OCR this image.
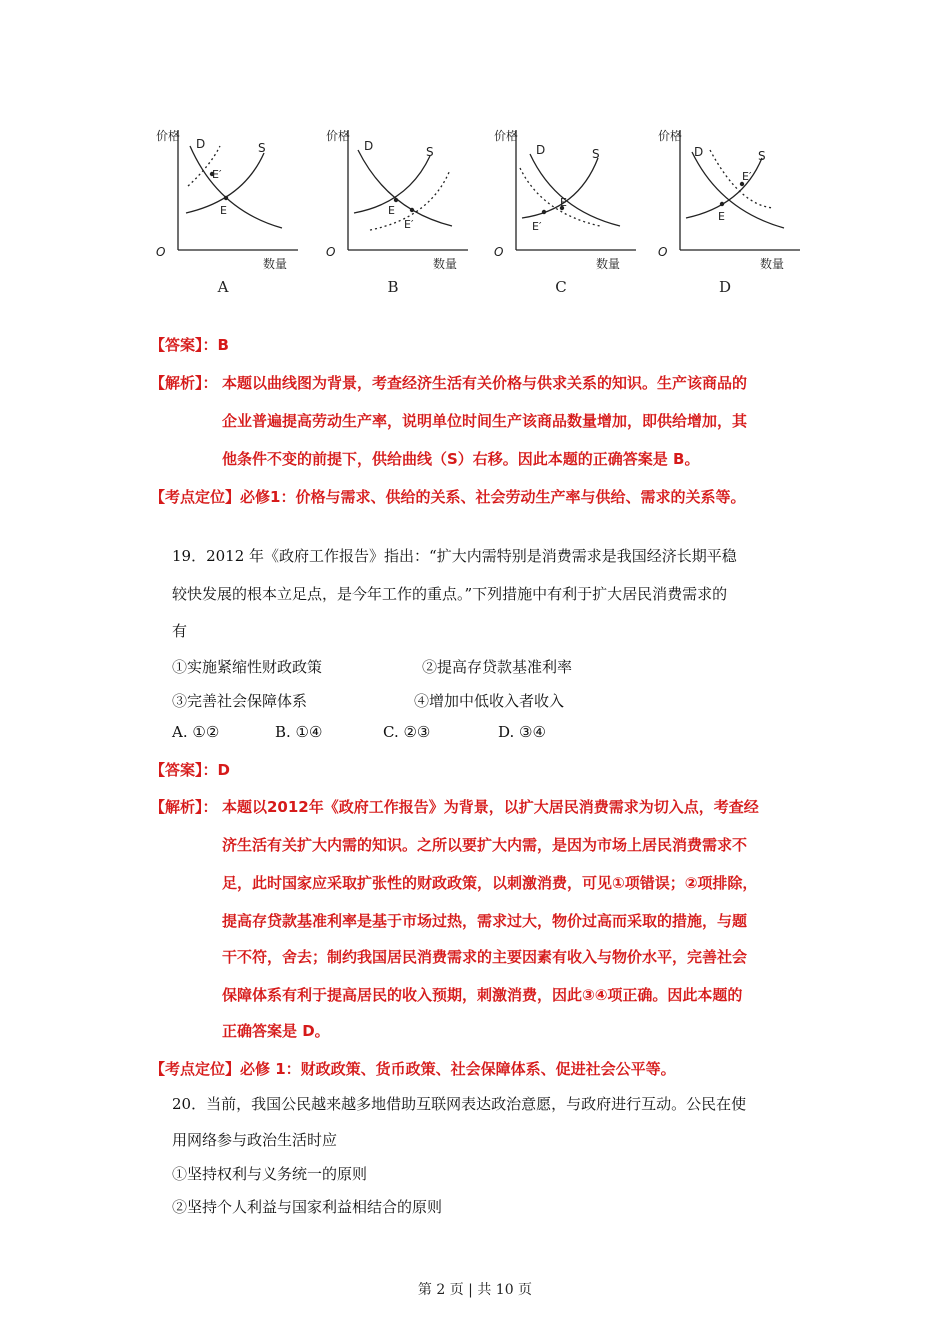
价格
D	S
E′
E
O
数量
A
价格
D	S
E
E′
O
数量
B
价格
D	S
E
E′
O
数量
C
价格
D	S
E′
E
O
数量
D
【答案】：B
【解析】： 本题以曲线图为背景，考查经济生活有关价格与供求关系的知识。生产该商品的
企业普遍提高劳动生产率，说明单位时间生产该商品数量增加，即供给增加，其
他条件不变的前提下，供给曲线（S）右移。因此本题的正确答案是 B。
【考点定位】必修1：价格与需求、供给的关系、社会劳动生产率与供给、需求的关系等。
19．2012 年《政府工作报告》指出：“扩大内需特别是消费需求是我国经济长期平稳
较快发展的根本立足点，是今年工作的重点。”下列措施中有利于扩大居民消费需求的
有
①实施紧缩性财政政策	②提高存贷款基准利率
③完善社会保障体系	④增加中低收入者收入
A. ①②	B. ①④	C. ②③	D. ③④
【答案】：D
【解析】： 本题以2012年《政府工作报告》为背景，以扩大居民消费需求为切入点，考查经
济生活有关扩大内需的知识。之所以要扩大内需，是因为市场上居民消费需求不
足，此时国家应采取扩张性的财政政策，以刺激消费，可见①项错误；②项排除，
提高存贷款基准利率是基于市场过热，需求过大，物价过高而采取的措施，与题
干不符，舍去；制约我国居民消费需求的主要因素有收入与物价水平，完善社会
保障体系有利于提高居民的收入预期，刺激消费，因此③④项正确。因此本题的
正确答案是 D。
【考点定位】必修 1：财政政策、货币政策、社会保障体系、促进社会公平等。
20．当前，我国公民越来越多地借助互联网表达政治意愿，与政府进行互动。公民在使
用网络参与政治生活时应
①坚持权利与义务统一的原则
②坚持个人利益与国家利益相结合的原则
第 2 页 | 共 10 页
